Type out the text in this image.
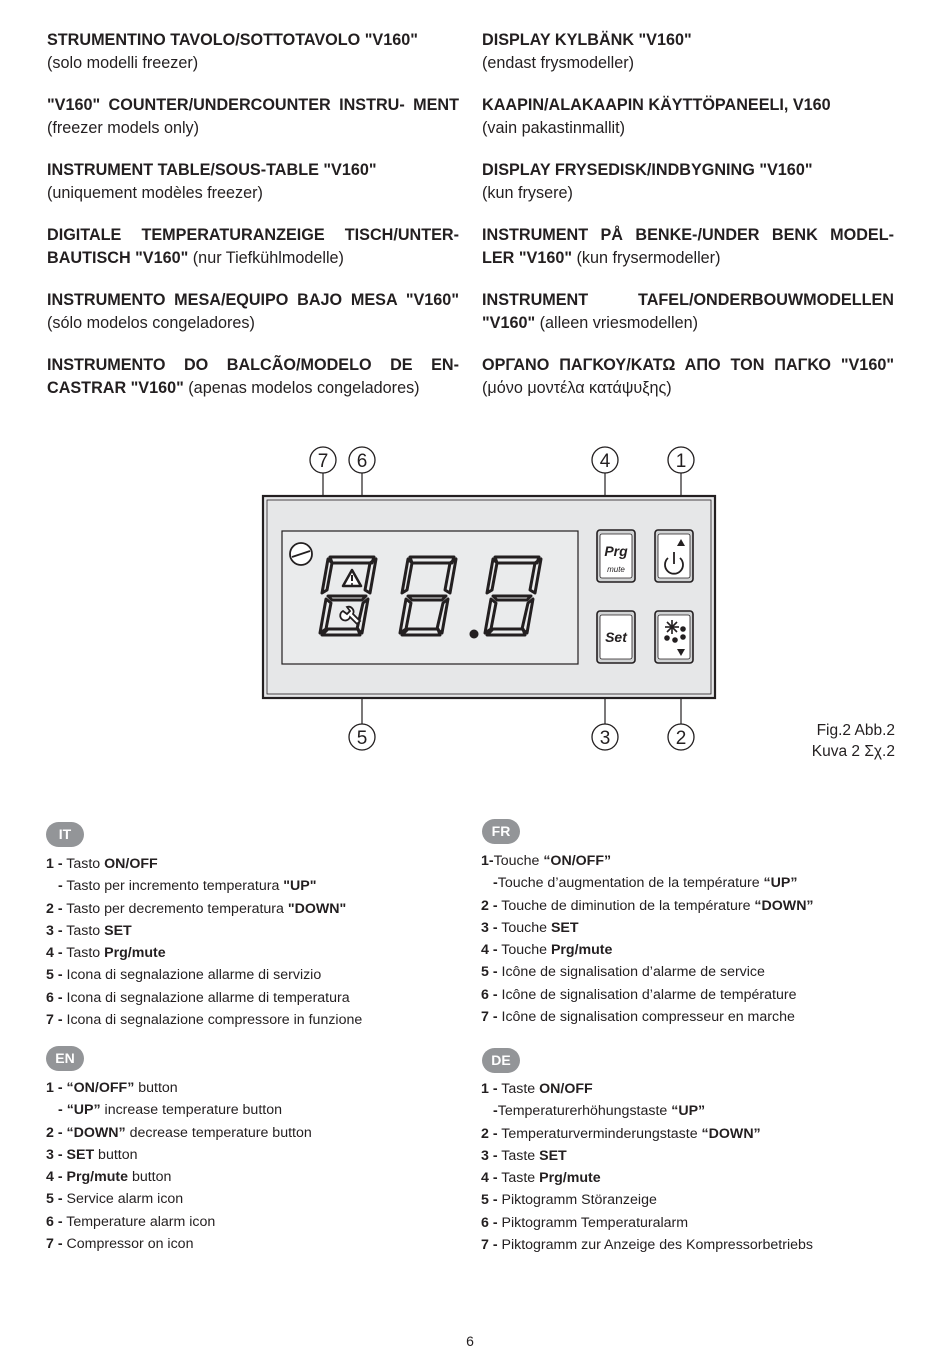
STRUMENTINO TAVOLO/SOTTOTAVOLO "V160"
(solo modelli freezer)
"V160" COUNTER/UNDERCOUNTER INSTRU- MENT (freezer models only)
INSTRUMENT TABLE/SOUS-TABLE "V160"
(uniquement modèles freezer)
DIGITALE TEMPERATURANZEIGE TISCH/UNTER- BAUTISCH "V160" (nur Tiefkühlmodelle)
INSTRUMENTO MESA/EQUIPO BAJO MESA "V160" (sólo modelos congeladores)
INSTRUMENTO DO BALCÃO/MODELO DE EN- CASTRAR "V160" (apenas modelos congeladores)
DISPLAY KYLBÄNK "V160"
(endast frysmodeller)
KAAPIN/ALAKAAPIN KÄYTTÖPANEELI, V160
(vain pakastinmallit)
DISPLAY FRYSEDISK/INDBYGNING "V160"
(kun frysere)
INSTRUMENT PÅ BENKE-/UNDER BENK MODEL- LER "V160" (kun frysermodeller)
INSTRUMENT TAFEL/ONDERBOUWMODELLEN "V160" (alleen vriesmodellen)
ΟΡΓΑΝΟ ΠΑΓΚΟΥ/ΚΑΤΩ ΑΠΟ ΤΟΝ ΠΑΓΚΟ "V160" (μόνο μοντέλα κατάψυξης)
Prg
mute
Set
7 6	4	1
5	3	2	Fig.2 Abb.2
Kuva 2 Σχ.2
IT
1 - Tasto ON/OFF
- Tasto per incremento temperatura "UP"
2 - Tasto per decremento temperatura "DOWN"
3 - Tasto SET
4 - Tasto Prg/mute
5 - Icona di segnalazione allarme di servizio
6 - Icona di segnalazione allarme di temperatura
7 - Icona di segnalazione compressore in funzione
FR
1-Touche “ON/OFF”
-Touche d’augmentation de la température “UP”
2 - Touche de diminution de la température “DOWN”
3 - Touche SET
4 - Touche Prg/mute
5 - Icône de signalisation d’alarme de service
6 - Icône de signalisation d’alarme de température
7 - Icône de signalisation compresseur en marche
EN
1 - “ON/OFF” button
- “UP” increase temperature button
2 - “DOWN” decrease temperature button
3 - SET button
4 - Prg/mute button
5 - Service alarm icon
6 - Temperature alarm icon
7 - Compressor on icon
DE
1 - Taste ON/OFF
-Temperaturerhöhungstaste “UP”
2 - Temperaturverminderungstaste “DOWN”
3 - Taste SET
4 - Taste Prg/mute
5 - Piktogramm Störanzeige
6 - Piktogramm Temperaturalarm
7 - Piktogramm zur Anzeige des Kompressorbetriebs
6
